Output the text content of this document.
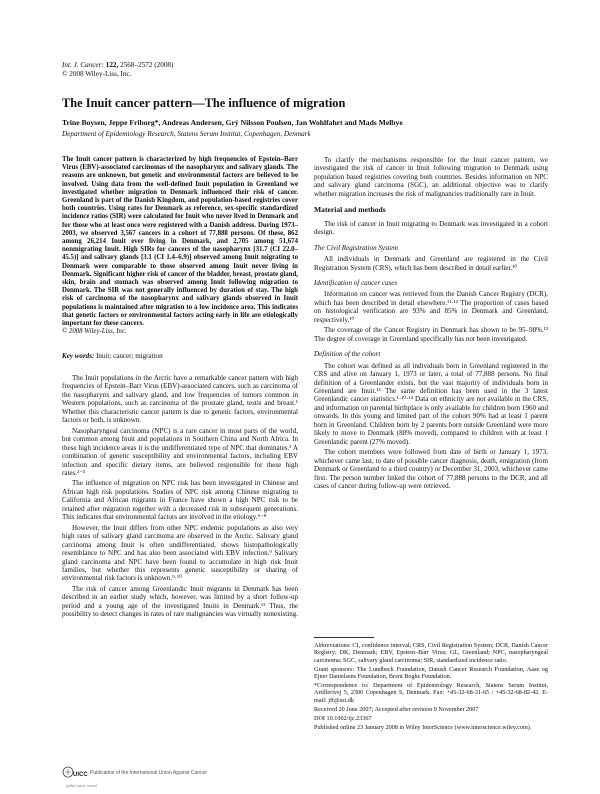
Int. J. Cancer: 122, 2568–2572 (2008)
© 2008 Wiley-Liss, Inc.
The Inuit cancer pattern—The influence of migration
Trine Boysen, Jeppe Friborg*, Andreas Andersen, Grý Nilsson Poulsen, Jan Wohlfahrt and Mads Melbye
Department of Epidemiology Research, Statens Serum Institut, Copenhagen, Denmark
The Inuit cancer pattern is characterized by high frequencies of Epstein–Barr Virus (EBV)-associated carcinomas of the nasopharynx and salivary glands. The reasons are unknown, but genetic and environmental factors are believed to be involved. Using data from the well-defined Inuit population in Greenland we investigated whether migration to Denmark influenced their risk of cancer. Greenland is part of the Danish Kingdom, and population-based registries cover both countries. Using rates for Denmark as reference, sex-specific standardized incidence ratios (SIR) were calculated for Inuit who never lived in Denmark and for those who at least once were registered with a Danish address. During 1973–2003, we observed 3,567 cancers in a cohort of 77,888 persons. Of these, 862 among 26,214 Inuit ever living in Denmark, and 2,705 among 51,674 nonmigrating Inuit. High SIRs for cancers of the nasopharynx [31.7 (CI 22.0–45.5)] and salivary glands [3.1 (CI 1.4–6.9)] observed among Inuit migrating to Denmark were comparable to those observed among Inuit never living in Denmark. Significant higher risk of cancer of the bladder, breast, prostate gland, skin, brain and stomach was observed among Inuit following migration to Denmark. The SIR was not generally influenced by duration of stay. The high risk of carcinoma of the nasopharynx and salivary glands observed in Inuit populations is maintained after migration to a low incidence area. This indicates that genetic factors or environmental factors acting early in life are etiologically important for these cancers.
© 2008 Wiley-Liss, Inc.
Key words: Inuit; cancer; migration

The Inuit populations in the Arctic have a remarkable cancer pattern with high frequencies of Epstein–Barr Virus (EBV)-associated cancers, such as carcinoma of the nasopharynx and salivary gland, and low frequencies of tumors common in Western populations, such as carcinoma of the prostate gland, testis and breast.¹ Whether this characteristic cancer pattern is due to genetic factors, environmental factors or both, is unknown.

Nasopharyngeal carcinoma (NPC) is a rare cancer in most parts of the world, but common among Inuit and populations in Southern China and North Africa. In these high incidence areas it is the undifferentiated type of NPC that dominates.² A combination of genetic susceptibility and environmental factors, including EBV infection and specific dietary items, are believed responsible for these high rates.²⁻⁵

The influence of migration on NPC risk has been investigated in Chinese and African high risk populations. Studies of NPC risk among Chinese migrating to California and African migrants in France have shown a high NPC risk to be retained after migration together with a decreased risk in subsequent generations. This indicates that environmental factors are involved in the etiology.⁶⁻⁸

However, the Inuit differs from other NPC endemic populations as also very high rates of salivary gland carcinoma are observed in the Arctic. Salivary gland carcinoma among Inuit is often undifferentiated, shows histopathologically resemblance to NPC and has also been associated with EBV infection.⁹ Salivary gland carcinoma and NPC have been found to accumulate in high risk Inuit families, but whether this represents genetic susceptibility or sharing of environmental risk factors is unknown.⁹·¹⁰

The risk of cancer among Greenlandic Inuit migrants in Denmark has been described in an earlier study which, however, was limited by a short follow-up period and a young age of the investigated Inuits in Denmark.¹¹ Thus, the possibility to detect changes in rates of rare malignancies was virtually nonexisting.

To clarify the mechanisms responsible for the Inuit cancer pattern, we investigated the risk of cancer in Inuit following migration to Denmark using population based registries covering both countries. Besides information on NPC and salivary gland carcinoma (SGC), an additional objective was to clarify whether migration increases the risk of malignancies traditionally rare in Inuit.

Material and methods

The risk of cancer in Inuit migrating to Denmark was investigated in a cohort design.

The Civil Registration System

All individuals in Denmark and Greenland are registered in the Civil Registration System (CRS), which has been described in detail earlier.¹⁰

Identification of cancer cases

Information on cancer was retrieved from the Danish Cancer Registry (DCR), which has been described in detail elsewhere.¹¹·¹² The proportion of cases based on histological verification are 93% and 85% in Denmark and Greenland, respectively.¹⁰

The coverage of the Cancer Registry in Denmark has shown to be 95–98%.¹² The degree of coverage in Greenland specifically has not been investigated.

Definition of the cohort

The cohort was defined as all individuals born in Greenland registered in the CRS and alive on January 1, 1973 or later, a total of 77,888 persons. No final definition of a Greenlander exists, but the vast majority of individuals born in Greenland are Inuit.¹³ The same definition has been used in the 3 latest Greenlandic cancer statistics.¹·¹⁰·¹⁴ Data on ethnicity are not available in the CRS, and information on parental birthplace is only available for children born 1960 and onwards. In this young and limited part of the cohort 90% had at least 1 parent born in Greenland. Children born by 2 parents born outside Greenland were more likely to move to Denmark (88% moved), compared to children with at least 1 Greenlandic parent (27% moved).

The cohort members were followed from date of birth or January 1, 1973, whichever came last, to date of possible cancer diagnosis, death, emigration (from Denmark or Greenland to a third country) or December 31, 2003, whichever came first. The person number linked the cohort of 77,888 persons to the DCR, and all cases of cancer during follow-up were retrieved.

Abbreviations: CI, confidence interval; CRS, Civil Registration System; DCR, Danish Cancer Registry; DK, Denmark; EBV, Epstein–Barr Virus; GL, Greenland; NPC, nasopharyngeal carcinoma; SGC, salivary gland carcinoma; SIR, standardized incidence ratio.

Grant sponsors: The Lundbeck Foundation, Danish Cancer Research Foundation, Aase og Ejner Danielsens Foundation, Brent Boghs Foundation.

*Correspondence to: Department of Epidemiology Research, Statens Serum Institut, Artillerivej 5, 2300 Copenhagen S, Denmark. Fax: +45-32-68-31-65 / +45-32-68-82-42. E-mail: jff@ssi.dk

Received 20 June 2007; Accepted after revision 9 November 2007

DOI 10.1002/ijc.23367

Published online 23 January 2008 in Wiley InterScience (www.interscience.wiley.com).

UICC
global cancer control
Publication of the International Union Against Cancer
